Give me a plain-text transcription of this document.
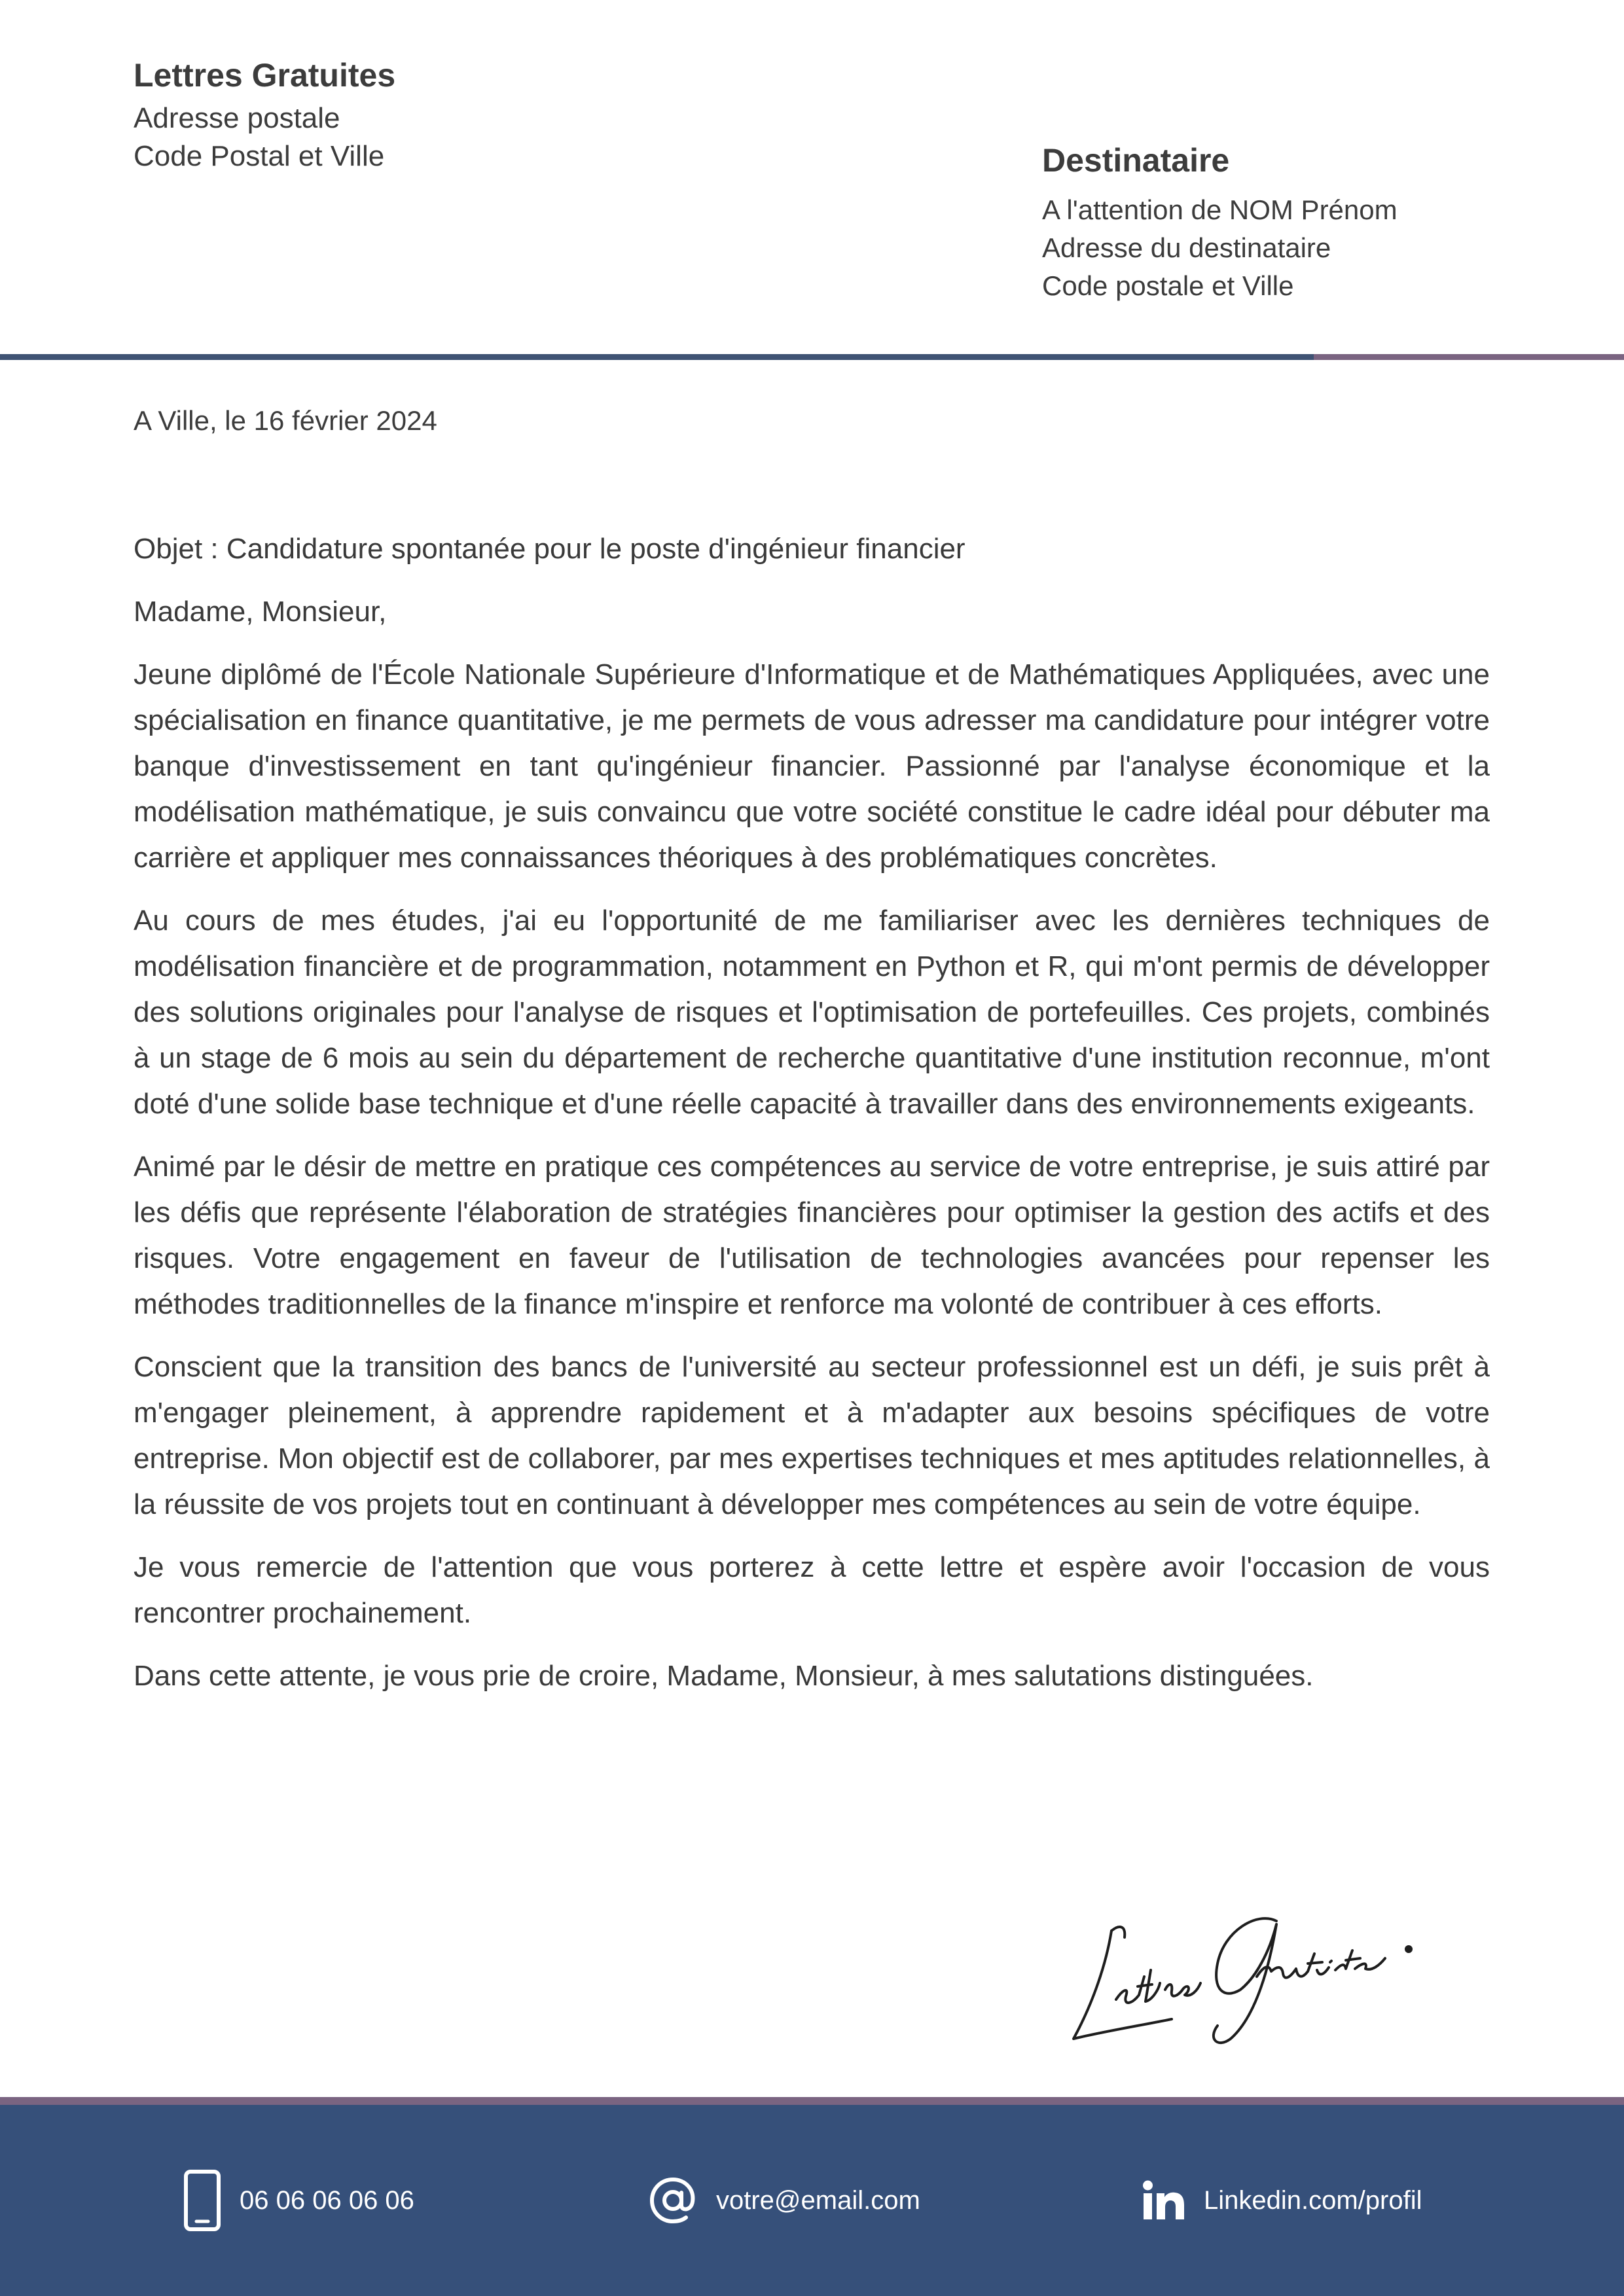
Lettres Gratuites
Adresse postale
Code Postal et Ville	Destinataire
A l'attention de NOM Prénom
Adresse du destinataire
Code postale et Ville
A Ville, le 16 février 2024

Objet : Candidature spontanée pour le poste d'ingénieur financier

Madame, Monsieur,

Jeune diplômé de l'École Nationale Supérieure d'Informatique et de Mathématiques Appliquées, avec une spécialisation en finance quantitative, je me permets de vous adresser ma candidature pour intégrer votre banque d'investissement en tant qu'ingénieur financier. Passionné par l'analyse économique et la modélisation mathématique, je suis convaincu que votre société constitue le cadre idéal pour débuter ma carrière et appliquer mes connaissances théoriques à des problématiques concrètes.

Au cours de mes études, j'ai eu l'opportunité de me familiariser avec les dernières techniques de modélisation financière et de programmation, notamment en Python et R, qui m'ont permis de développer des solutions originales pour l'analyse de risques et l'optimisation de portefeuilles. Ces projets, combinés à un stage de 6 mois au sein du département de recherche quantitative d'une institution reconnue, m'ont doté d'une solide base technique et d'une réelle capacité à travailler dans des environnements exigeants.

Animé par le désir de mettre en pratique ces compétences au service de votre entreprise, je suis attiré par les défis que représente l'élaboration de stratégies financières pour optimiser la gestion des actifs et des risques. Votre engagement en faveur de l'utilisation de technologies avancées pour repenser les méthodes traditionnelles de la finance m'inspire et renforce ma volonté de contribuer à ces efforts.

Conscient que la transition des bancs de l'université au secteur professionnel est un défi, je suis prêt à m'engager pleinement, à apprendre rapidement et à m'adapter aux besoins spécifiques de votre entreprise. Mon objectif est de collaborer, par mes expertises techniques et mes aptitudes relationnelles, à la réussite de vos projets tout en continuant à développer mes compétences au sein de votre équipe.

Je vous remercie de l'attention que vous porterez à cette lettre et espère avoir l'occasion de vous rencontrer prochainement.

Dans cette attente, je vous prie de croire, Madame, Monsieur, à mes salutations distinguées.

06 06 06 06 06	votre@email.com	Linkedin.com/profil
